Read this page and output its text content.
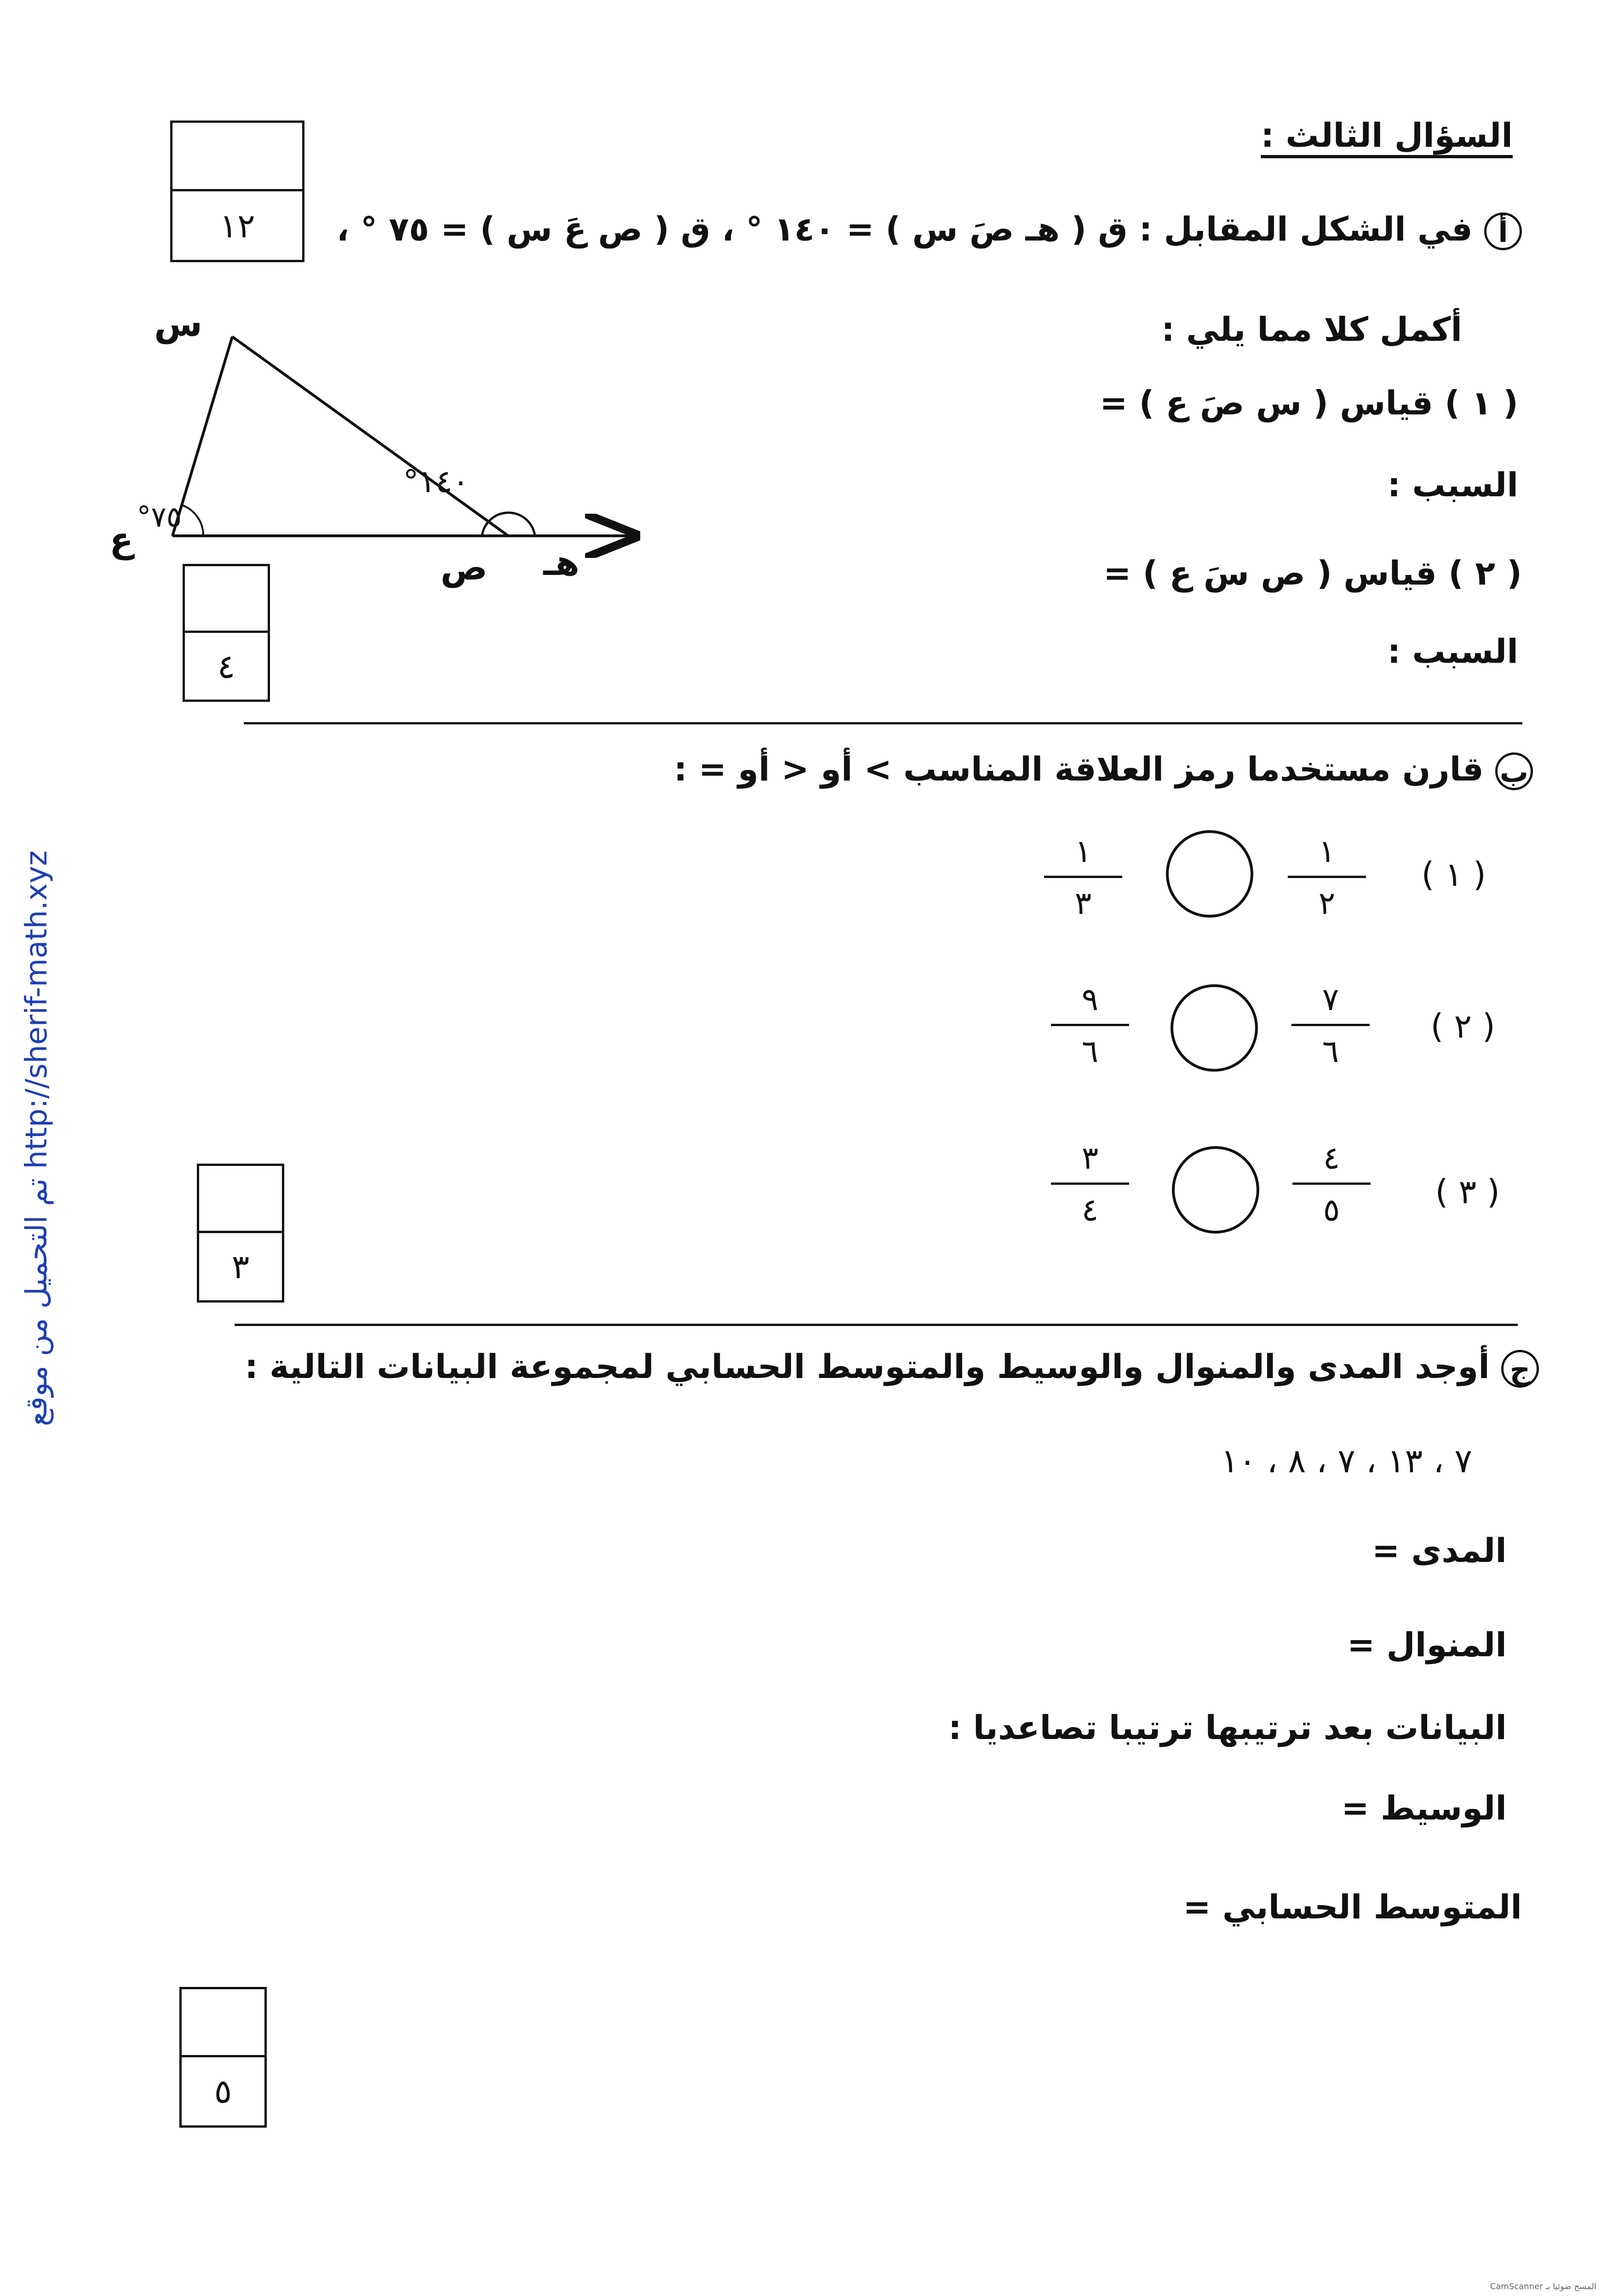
السؤال الثالث :
١٢	أ في الشكل المقابل : ق ( هـ صَ س ) = ١٤٠ ° ، ق ( ص عَ س ) = ٧٥ ° ،
أكمل كلا مما يلي :
( ١ ) قياس ( س صَ ع ) =
السبب :
( ٢ ) قياس ( ص سَ ع ) =
السبب :
س
ع
ص هـ
١٤٠°
٧٥°
٤
ب قارن مستخدما رمز العلاقة المناسب > أو < أو = :
( ١ )
١
٢
١
٣
( ٢ )
٧
٦
٩
٦
( ٣ )
٤
٥
٣
٤
٣
ج أوجد المدى والمنوال والوسيط والمتوسط الحسابي لمجموعة البيانات التالية :
٧ ، ١٣ ، ٧ ، ٨ ، ١٠
المدى =
المنوال =
البيانات بعد ترتيبها ترتيبا تصاعديا :
الوسيط =
المتوسط الحسابي =
٥
تم التحميل من موقع http://sherif-math.xyz
المسح ضوئيا بـ CamScanner
